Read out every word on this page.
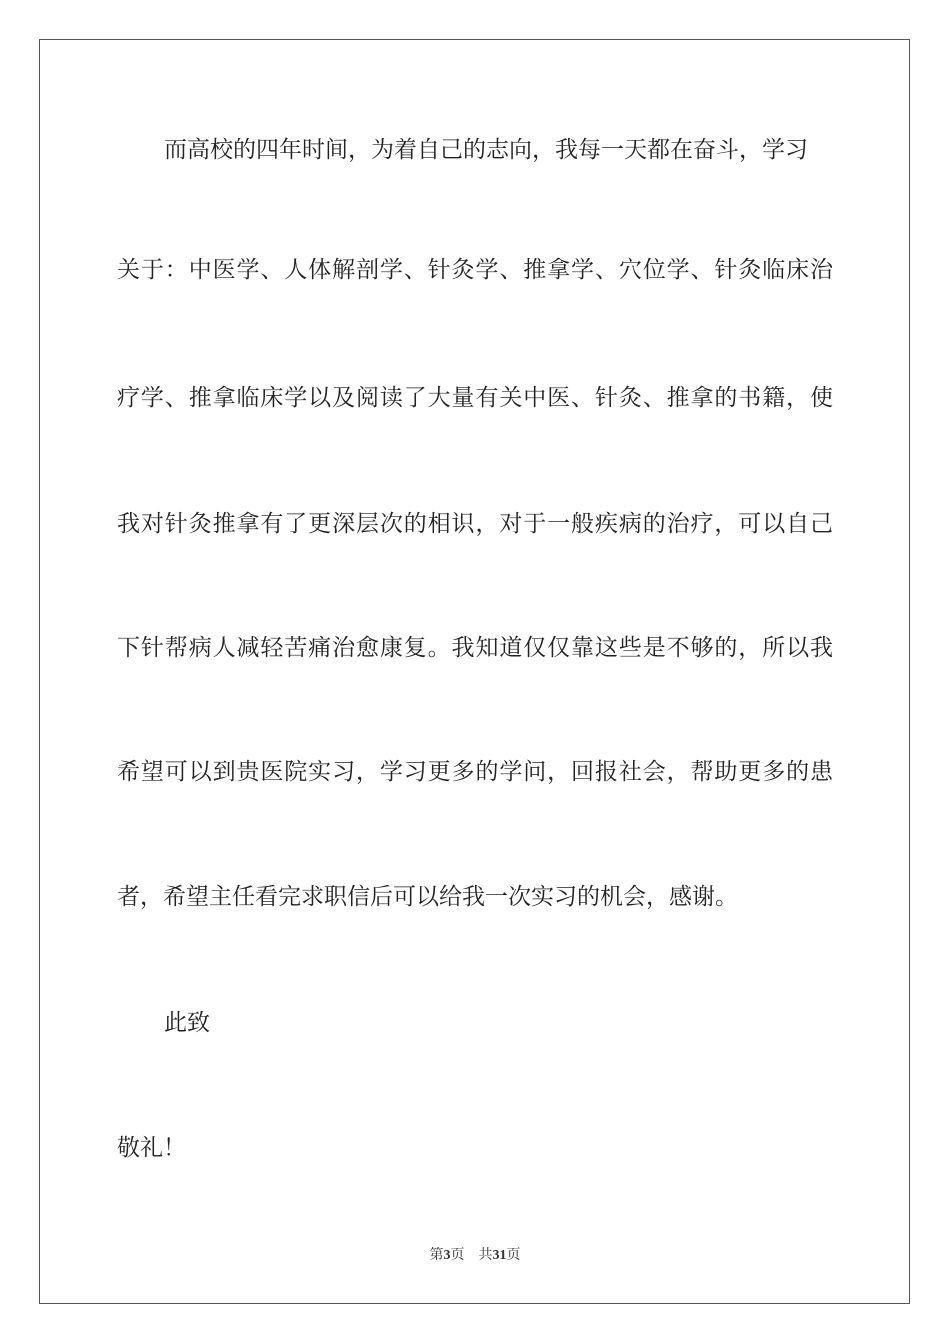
而高校的四年时间，为着自己的志向，我每一天都在奋斗，学习
关于：中医学、人体解剖学、针灸学、推拿学、穴位学、针灸临床治
疗学、推拿临床学以及阅读了大量有关中医、针灸、推拿的书籍，使
我对针灸推拿有了更深层次的相识，对于一般疾病的治疗，可以自己
下针帮病人减轻苦痛治愈康复。我知道仅仅靠这些是不够的，所以我
希望可以到贵医院实习，学习更多的学问，回报社会，帮助更多的患
者，希望主任看完求职信后可以给我一次实习的机会，感谢。
此致
敬礼！
第3页 共31页
